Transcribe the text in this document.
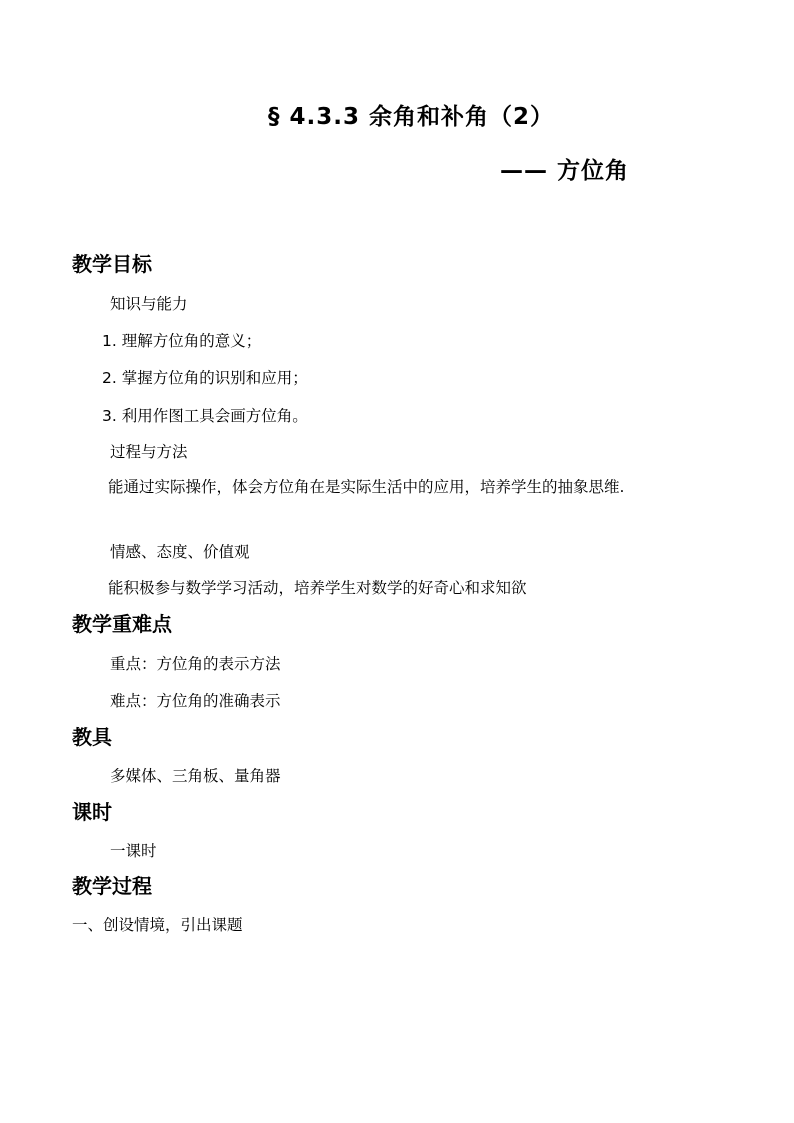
§ 4.3.3 余角和补角（2）
—— 方位角
教学目标
知识与能力
1. 理解方位角的意义；
2. 掌握方位角的识别和应用；
3. 利用作图工具会画方位角。
过程与方法
能通过实际操作，体会方位角在是实际生活中的应用，培养学生的抽象思维.
情感、态度、价值观
能积极参与数学学习活动，培养学生对数学的好奇心和求知欲
教学重难点
重点：方位角的表示方法
难点：方位角的准确表示
教具
多媒体、三角板、量角器
课时
一课时
教学过程
一、创设情境，引出课题
